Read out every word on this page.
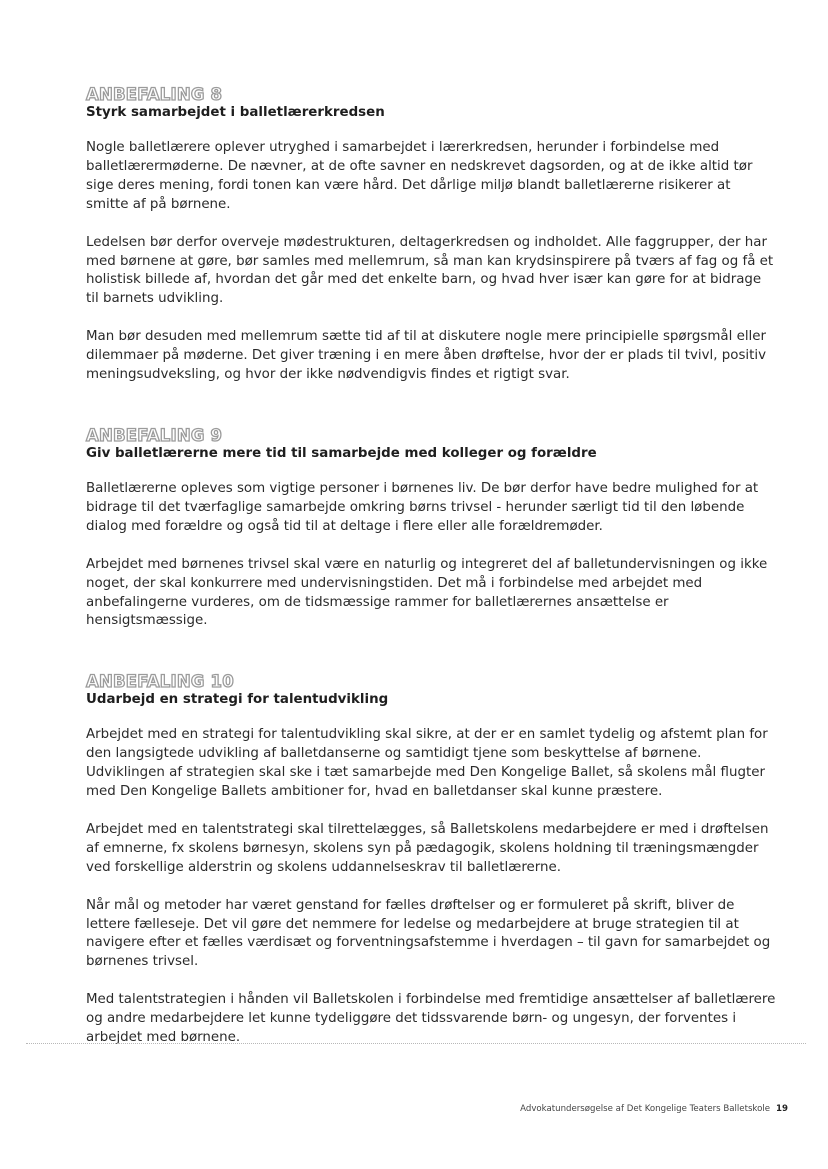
ANBEFALING 8
Styrk samarbejdet i balletlærerkredsen

Nogle balletlærere oplever utryghed i samarbejdet i lærerkredsen, herunder i forbindelse med balletlærermøderne. De nævner, at de ofte savner en nedskrevet dagsorden, og at de ikke altid tør sige deres mening, fordi tonen kan være hård. Det dårlige miljø blandt balletlærerne risikerer at smitte af på børnene.

Ledelsen bør derfor overveje mødestrukturen, deltagerkredsen og indholdet. Alle faggrupper, der har med børnene at gøre, bør samles med mellemrum, så man kan krydsinspirere på tværs af fag og få et holistisk billede af, hvordan det går med det enkelte barn, og hvad hver især kan gøre for at bidrage til barnets udvikling.

Man bør desuden med mellemrum sætte tid af til at diskutere nogle mere principielle spørgsmål eller dilemmaer på møderne. Det giver træning i en mere åben drøftelse, hvor der er plads til tvivl, positiv meningsudveksling, og hvor der ikke nødvendigvis findes et rigtigt svar.

ANBEFALING 9
Giv balletlærerne mere tid til samarbejde med kolleger og forældre

Balletlærerne opleves som vigtige personer i børnenes liv. De bør derfor have bedre mulighed for at bidrage til det tværfaglige samarbejde omkring børns trivsel - herunder særligt tid til den løbende dialog med forældre og også tid til at deltage i flere eller alle forældremøder.

Arbejdet med børnenes trivsel skal være en naturlig og integreret del af balletundervisningen og ikke noget, der skal konkurrere med undervisningstiden. Det må i forbindelse med arbejdet med anbefalingerne vurderes, om de tidsmæssige rammer for balletlærernes ansættelse er hensigtsmæssige.

ANBEFALING 10
Udarbejd en strategi for talentudvikling

Arbejdet med en strategi for talentudvikling skal sikre, at der er en samlet tydelig og afstemt plan for den langsigtede udvikling af balletdanserne og samtidigt tjene som beskyttelse af børnene. Udviklingen af strategien skal ske i tæt samarbejde med Den Kongelige Ballet, så skolens mål flugter med Den Kongelige Ballets ambitioner for, hvad en balletdanser skal kunne præstere.

Arbejdet med en talentstrategi skal tilrettelægges, så Balletskolens medarbejdere er med i drøftelsen af emnerne, fx skolens børnesyn, skolens syn på pædagogik, skolens holdning til træningsmængder ved forskellige alderstrin og skolens uddannelseskrav til balletlærerne.

Når mål og metoder har været genstand for fælles drøftelser og er formuleret på skrift, bliver de lettere fælleseje. Det vil gøre det nemmere for ledelse og medarbejdere at bruge strategien til at navigere efter et fælles værdisæt og forventningsafstemme i hverdagen – til gavn for samarbejdet og børnenes trivsel.

Med talentstrategien i hånden vil Balletskolen i forbindelse med fremtidige ansættelser af balletlærere og andre medarbejdere let kunne tydeliggøre det tidssvarende børn- og ungesyn, der forventes i arbejdet med børnene.

Advokatundersøgelse af Det Kongelige Teaters Balletskole 19
